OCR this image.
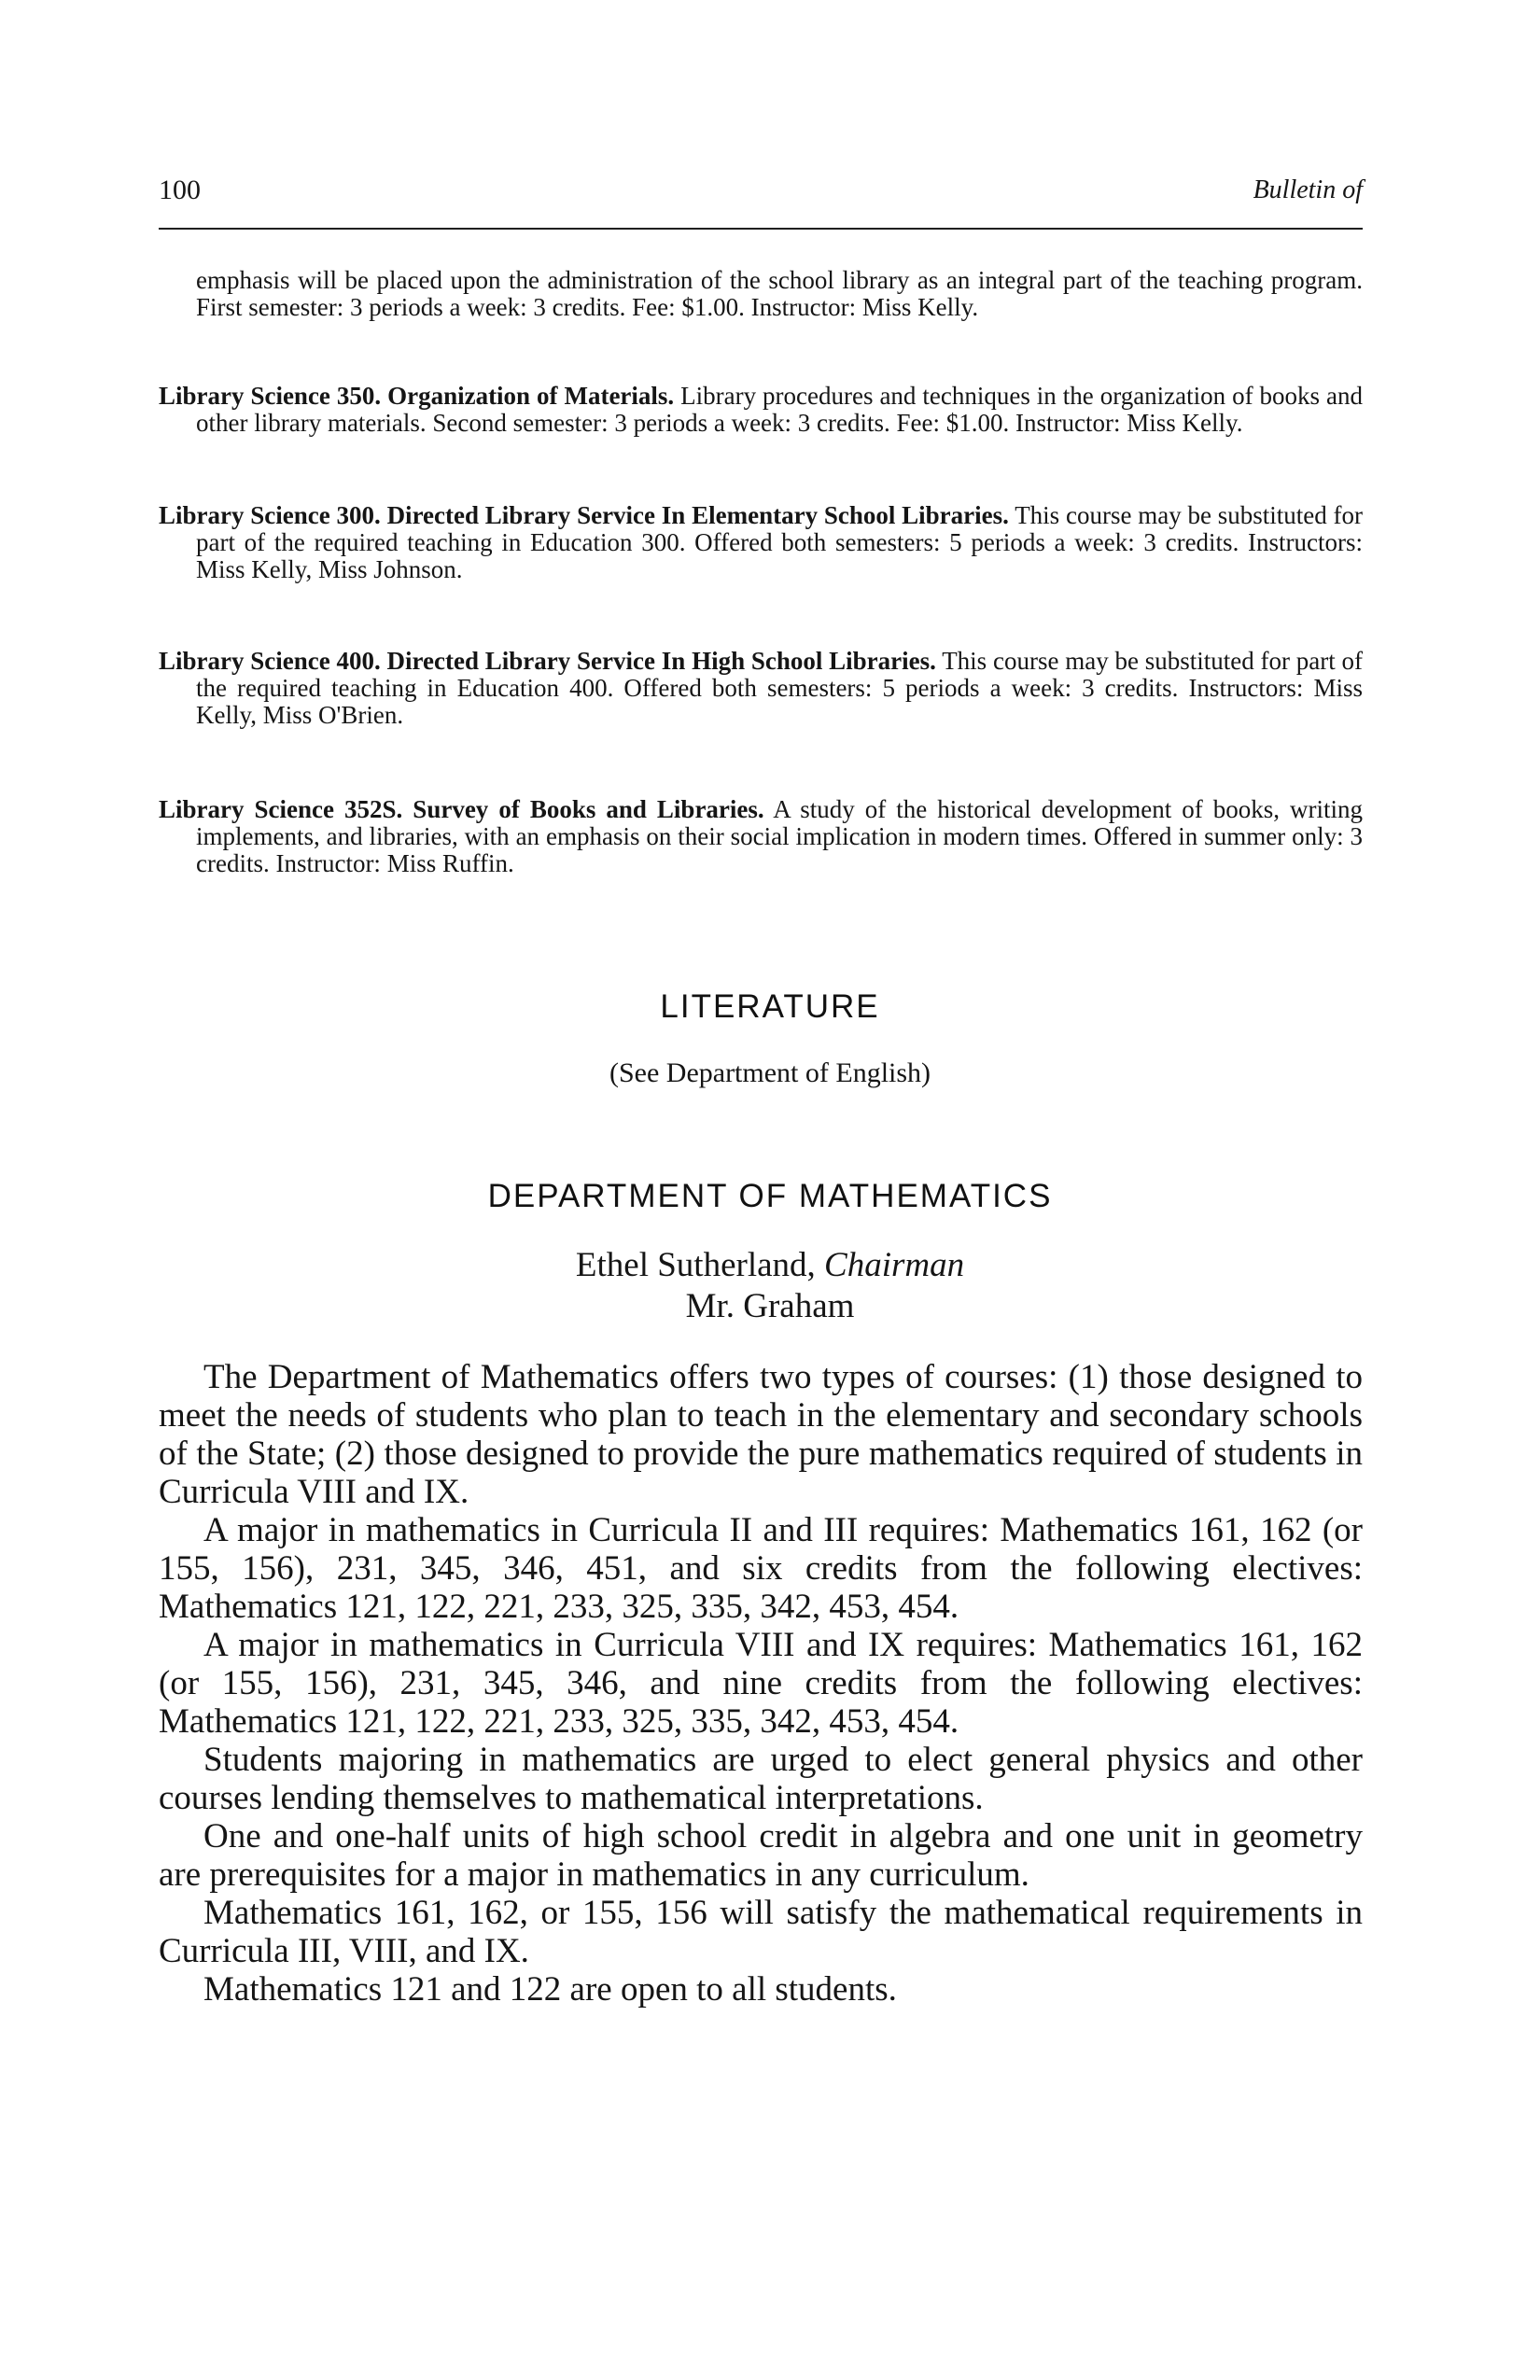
100	Bulletin of

emphasis will be placed upon the administration of the school library as an integral part of the teaching program. First semester: 3 periods a week: 3 credits. Fee: $1.00. Instructor: Miss Kelly.

Library Science 350. Organization of Materials. Library procedures and techniques in the organization of books and other library materials. Second semester: 3 periods a week: 3 credits. Fee: $1.00. Instructor: Miss Kelly.

Library Science 300. Directed Library Service In Elementary School Libraries. This course may be substituted for part of the required teaching in Education 300. Offered both semesters: 5 periods a week: 3 credits. Instructors: Miss Kelly, Miss Johnson.

Library Science 400. Directed Library Service In High School Libraries. This course may be substituted for part of the required teaching in Education 400. Offered both semesters: 5 periods a week: 3 credits. Instructors: Miss Kelly, Miss O'Brien.

Library Science 352S. Survey of Books and Libraries. A study of the historical development of books, writing implements, and libraries, with an emphasis on their social implication in modern times. Offered in summer only: 3 credits. Instructor: Miss Ruffin.

LITERATURE
(See Department of English)
DEPARTMENT OF MATHEMATICS
Ethel Sutherland, Chairman
Mr. Graham

The Department of Mathematics offers two types of courses: (1) those designed to meet the needs of students who plan to teach in the elementary and secondary schools of the State; (2) those designed to provide the pure mathematics required of students in Curricula VIII and IX.

A major in mathematics in Curricula II and III requires: Mathematics 161, 162 (or 155, 156), 231, 345, 346, 451, and six credits from the following electives: Mathematics 121, 122, 221, 233, 325, 335, 342, 453, 454.

A major in mathematics in Curricula VIII and IX requires: Mathematics 161, 162 (or 155, 156), 231, 345, 346, and nine credits from the following electives: Mathematics 121, 122, 221, 233, 325, 335, 342, 453, 454.

Students majoring in mathematics are urged to elect general physics and other courses lending themselves to mathematical interpretations.

One and one-half units of high school credit in algebra and one unit in geometry are prerequisites for a major in mathematics in any curriculum.

Mathematics 161, 162, or 155, 156 will satisfy the mathematical requirements in Curricula III, VIII, and IX.

Mathematics 121 and 122 are open to all students.
